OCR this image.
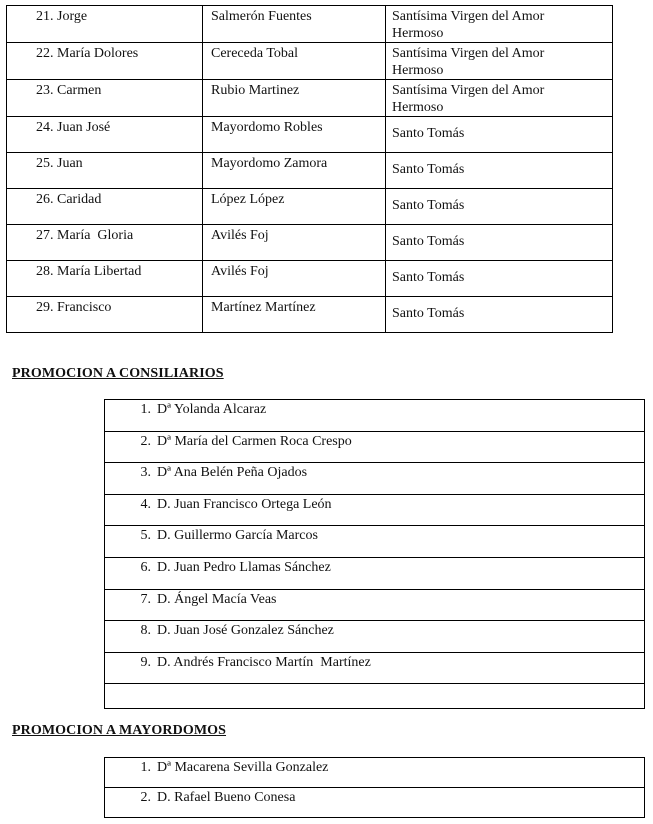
21. Jorge	Salmerón Fuentes	Santísima Virgen del Amor
Hermoso
22. María Dolores	Cereceda Tobal	Santísima Virgen del Amor
Hermoso
23. Carmen	Rubio Martinez	Santísima Virgen del Amor
Hermoso
24. Juan José	Mayordomo Robles	Santo Tomás

25. Juan	Mayordomo Zamora	Santo Tomás

26. Caridad	López López	Santo Tomás

27. María  Gloria	Avilés Foj	Santo Tomás

28. María Libertad	Avilés Foj	Santo Tomás

29. Francisco	Martínez Martínez	Santo Tomás
PROMOCION A CONSILIARIOS
1. Dª Yolanda Alcaraz
2. Dª María del Carmen Roca Crespo
3. Dª Ana Belén Peña Ojados
4. D. Juan Francisco Ortega León
5. D. Guillermo García Marcos
6. D. Juan Pedro Llamas Sánchez
7. D. Ángel Macía Veas
8. D. Juan José Gonzalez Sánchez
9. D. Andrés Francisco Martín  Martínez
PROMOCION A MAYORDOMOS
1. Dª Macarena Sevilla Gonzalez
2. D. Rafael Bueno Conesa
